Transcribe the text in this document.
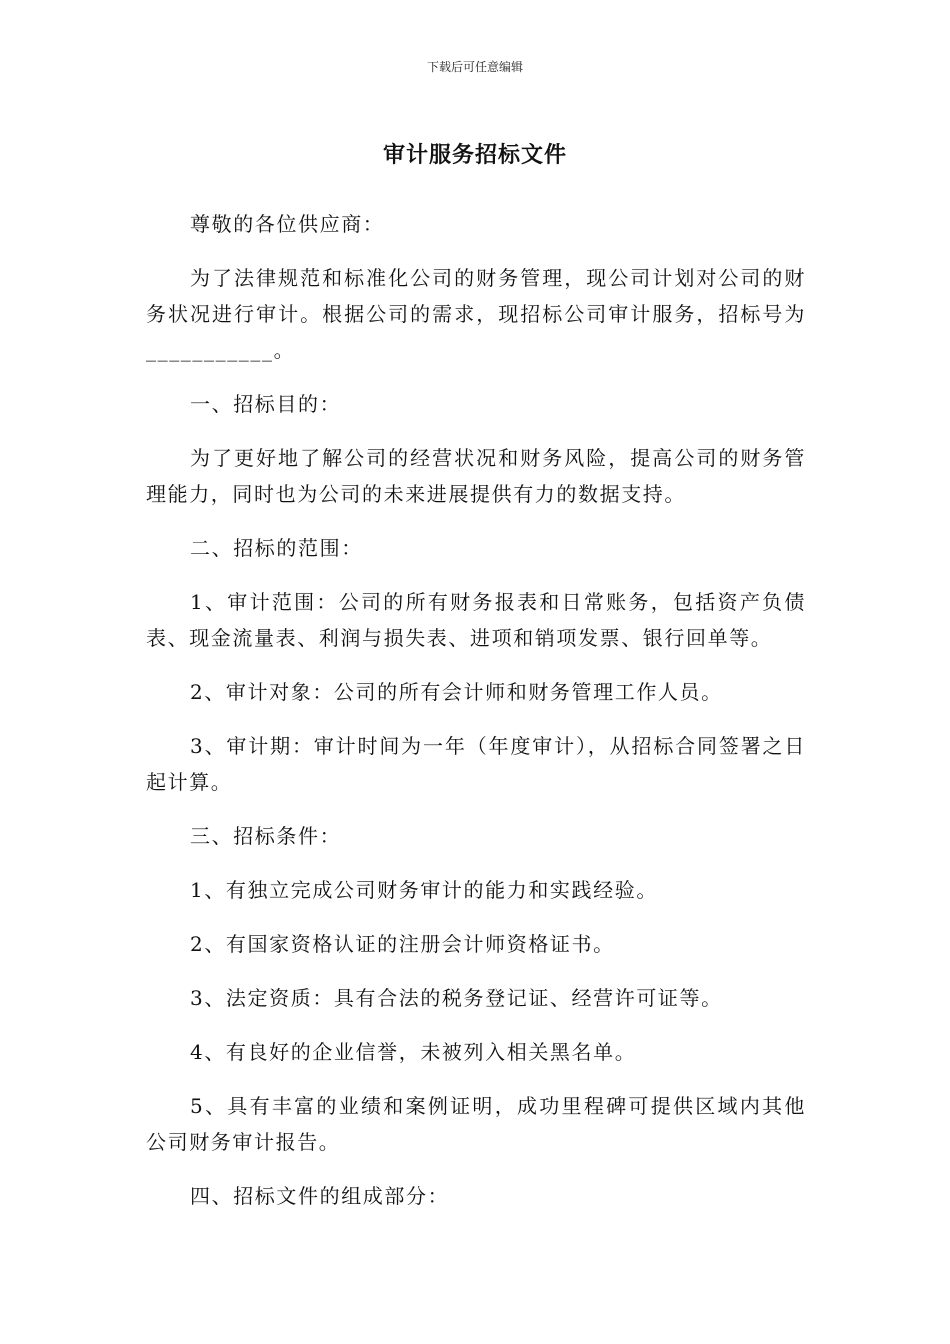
下载后可任意编辑
审计服务招标文件

尊敬的各位供应商：

为了法律规范和标准化公司的财务管理，现公司计划对公司的财务状况进行审计。根据公司的需求，现招标公司审计服务，招标号为___________。

一、招标目的：

为了更好地了解公司的经营状况和财务风险，提高公司的财务管理能力，同时也为公司的未来进展提供有力的数据支持。

二、招标的范围：

1、审计范围：公司的所有财务报表和日常账务，包括资产负债表、现金流量表、利润与损失表、进项和销项发票、银行回单等。

2、审计对象：公司的所有会计师和财务管理工作人员。

3、审计期：审计时间为一年（年度审计），从招标合同签署之日起计算。

三、招标条件：

1、有独立完成公司财务审计的能力和实践经验。

2、有国家资格认证的注册会计师资格证书。

3、法定资质：具有合法的税务登记证、经营许可证等。

4、有良好的企业信誉，未被列入相关黑名单。

5、具有丰富的业绩和案例证明，成功里程碑可提供区域内其他公司财务审计报告。

四、招标文件的组成部分：
